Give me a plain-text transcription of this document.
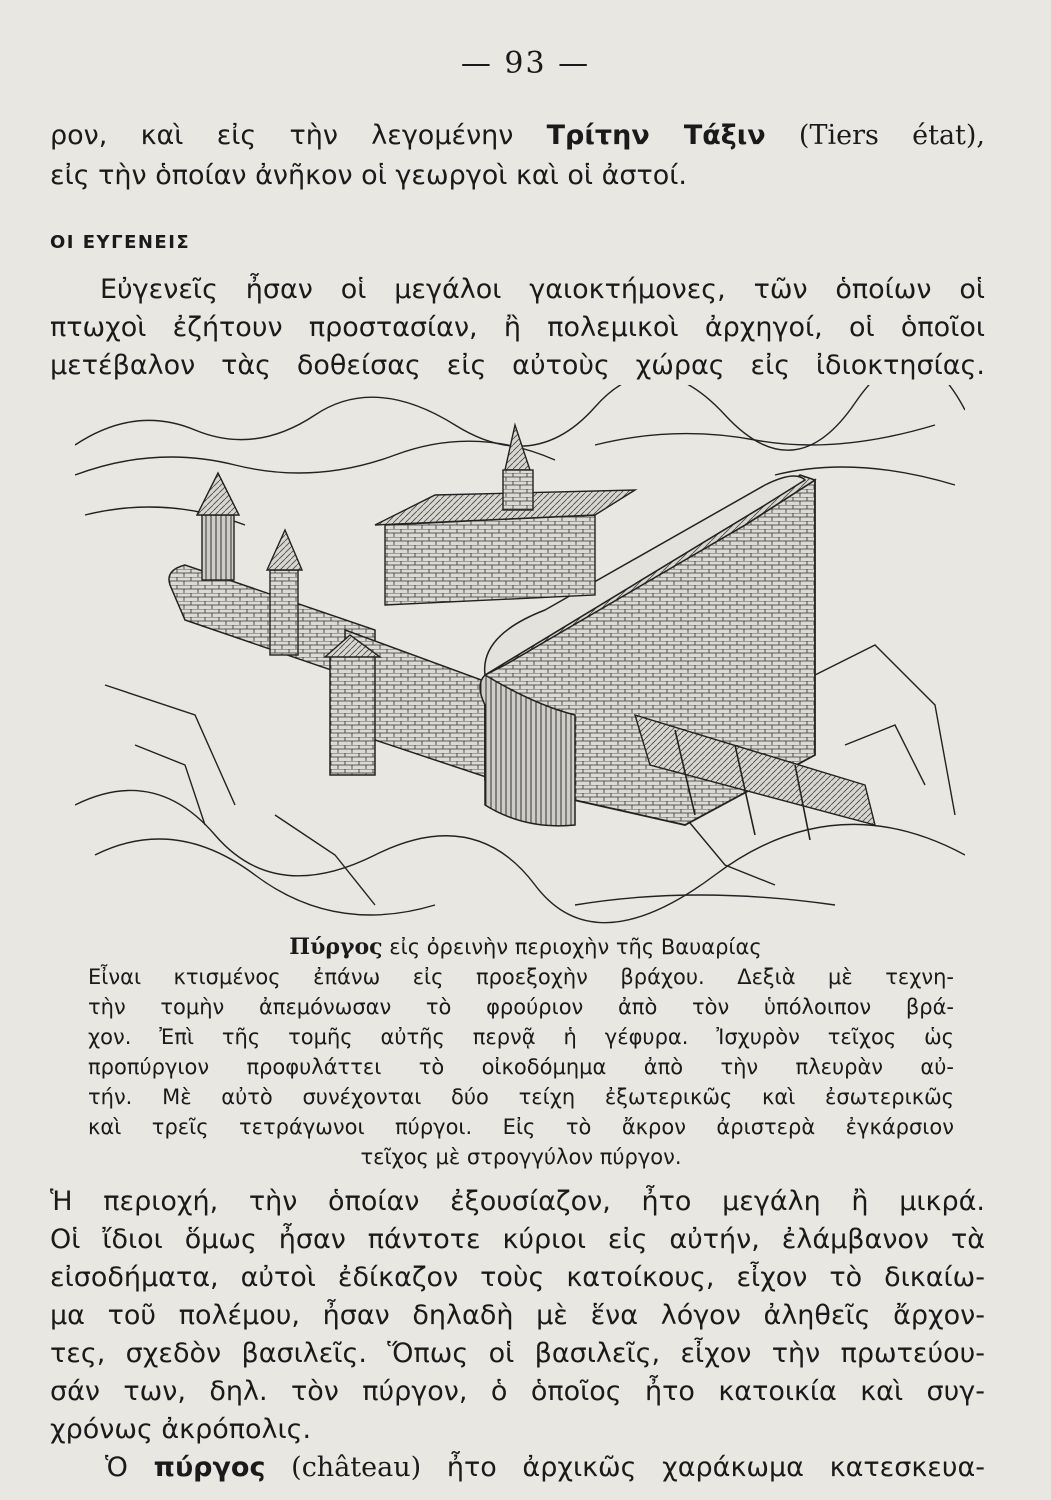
— 93 —
ρον, καὶ εἰς τὴν λεγομένην Τρίτην Τάξιν (Tiers état),
εἰς τὴν ὁποίαν ἀνῆκον οἱ γεωργοὶ καὶ οἱ ἀστοί.
ΟΙ ΕΥΓΕΝΕΙΣ
Εὐγενεῖς ἦσαν οἱ μεγάλοι γαιοκτήμονες, τῶν ὁποίων οἱ
πτωχοὶ ἐζήτουν προστασίαν, ἢ πολεμικοὶ ἀρχηγοί, οἱ ὁποῖοι
μετέβαλον τὰς δοθείσας εἰς αὐτοὺς χώρας εἰς ἰδιοκτησίας.
Πύργος εἰς ὀρεινὴν περιοχὴν τῆς Βαυαρίας
Εἶναι κτισμένος ἐπάνω εἰς προεξοχὴν βράχου. Δεξιὰ μὲ τεχνη-
τὴν τομὴν ἀπεμόνωσαν τὸ φρούριον ἀπὸ τὸν ὑπόλοιπον βρά-
χον. Ἐπὶ τῆς τομῆς αὐτῆς περνᾷ ἡ γέφυρα. Ἰσχυρὸν τεῖχος ὡς
προπύργιον προφυλάττει τὸ οἰκοδόμημα ἀπὸ τὴν πλευρὰν αὐ-
τήν. Μὲ αὐτὸ συνέχονται δύο τείχη ἐξωτερικῶς καὶ ἐσωτερικῶς
καὶ τρεῖς τετράγωνοι πύργοι. Εἰς τὸ ἄκρον ἀριστερὰ ἐγκάρσιον
τεῖχος μὲ στρογγύλον πύργον.
Ἡ περιοχή, τὴν ὁποίαν ἐξουσίαζον, ἦτο μεγάλη ἢ μικρά.
Οἱ ἴδιοι ὅμως ἦσαν πάντοτε κύριοι εἰς αὐτήν, ἐλάμβανον τὰ
εἰσοδήματα, αὐτοὶ ἐδίκαζον τοὺς κατοίκους, εἶχον τὸ δικαίω-
μα τοῦ πολέμου, ἦσαν δηλαδὴ μὲ ἕνα λόγον ἀληθεῖς ἄρχον-
τες, σχεδὸν βασιλεῖς. Ὅπως οἱ βασιλεῖς, εἶχον τὴν πρωτεύου-
σάν των, δηλ. τὸν πύργον, ὁ ὁποῖος ἦτο κατοικία καὶ συγ-
χρόνως ἀκρόπολις.
Ὁ πύργος (château) ἦτο ἀρχικῶς χαράκωμα κατεσκευα-
